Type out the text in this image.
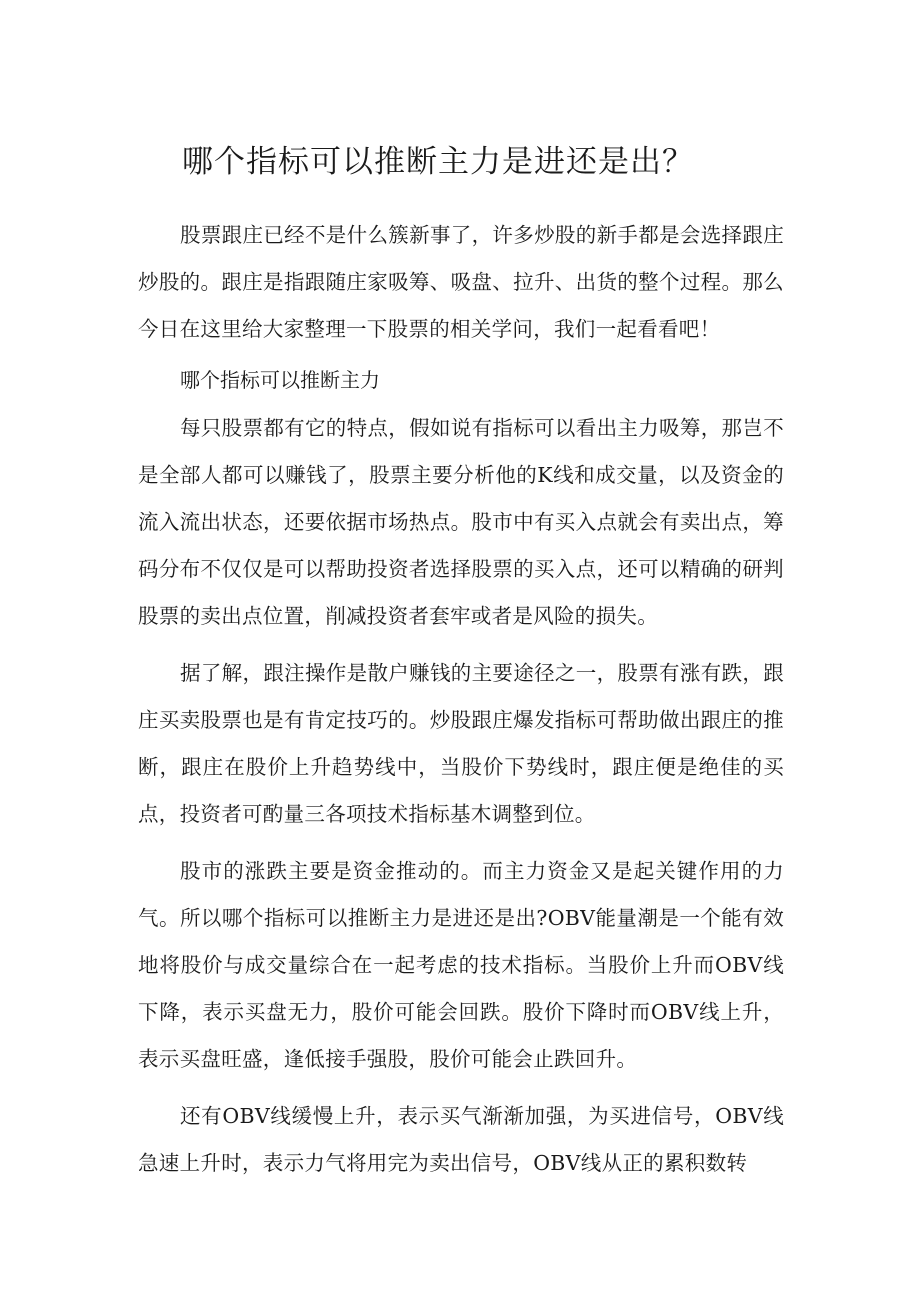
哪个指标可以推断主力是进还是出？

股票跟庄已经不是什么簇新事了，许多炒股的新手都是会选择跟庄炒股的。跟庄是指跟随庄家吸筹、吸盘、拉升、出货的整个过程。那么今日在这里给大家整理一下股票的相关学问，我们一起看看吧！

哪个指标可以推断主力

每只股票都有它的特点，假如说有指标可以看出主力吸筹，那岂不是全部人都可以赚钱了，股票主要分析他的K线和成交量，以及资金的流入流出状态，还要依据市场热点。股市中有买入点就会有卖出点，筹码分布不仅仅是可以帮助投资者选择股票的买入点，还可以精确的研判股票的卖出点位置，削减投资者套牢或者是风险的损失。

据了解，跟注操作是散户赚钱的主要途径之一，股票有涨有跌，跟庄买卖股票也是有肯定技巧的。炒股跟庄爆发指标可帮助做出跟庄的推断，跟庄在股价上升趋势线中，当股价下势线时，跟庄便是绝佳的买点，投资者可酌量三各项技术指标基木调整到位。

股市的涨跌主要是资金推动的。而主力资金又是起关键作用的力气。所以哪个指标可以推断主力是进还是出?OBV能量潮是一个能有效地将股价与成交量综合在一起考虑的技术指标。当股价上升而OBV线下降，表示买盘无力，股价可能会回跌。股价下降时而OBV线上升，表示买盘旺盛，逢低接手强股，股价可能会止跌回升。

还有OBV线缓慢上升，表示买气渐渐加强，为买进信号，OBV线急速上升时，表示力气将用完为卖出信号，OBV线从正的累积数转
